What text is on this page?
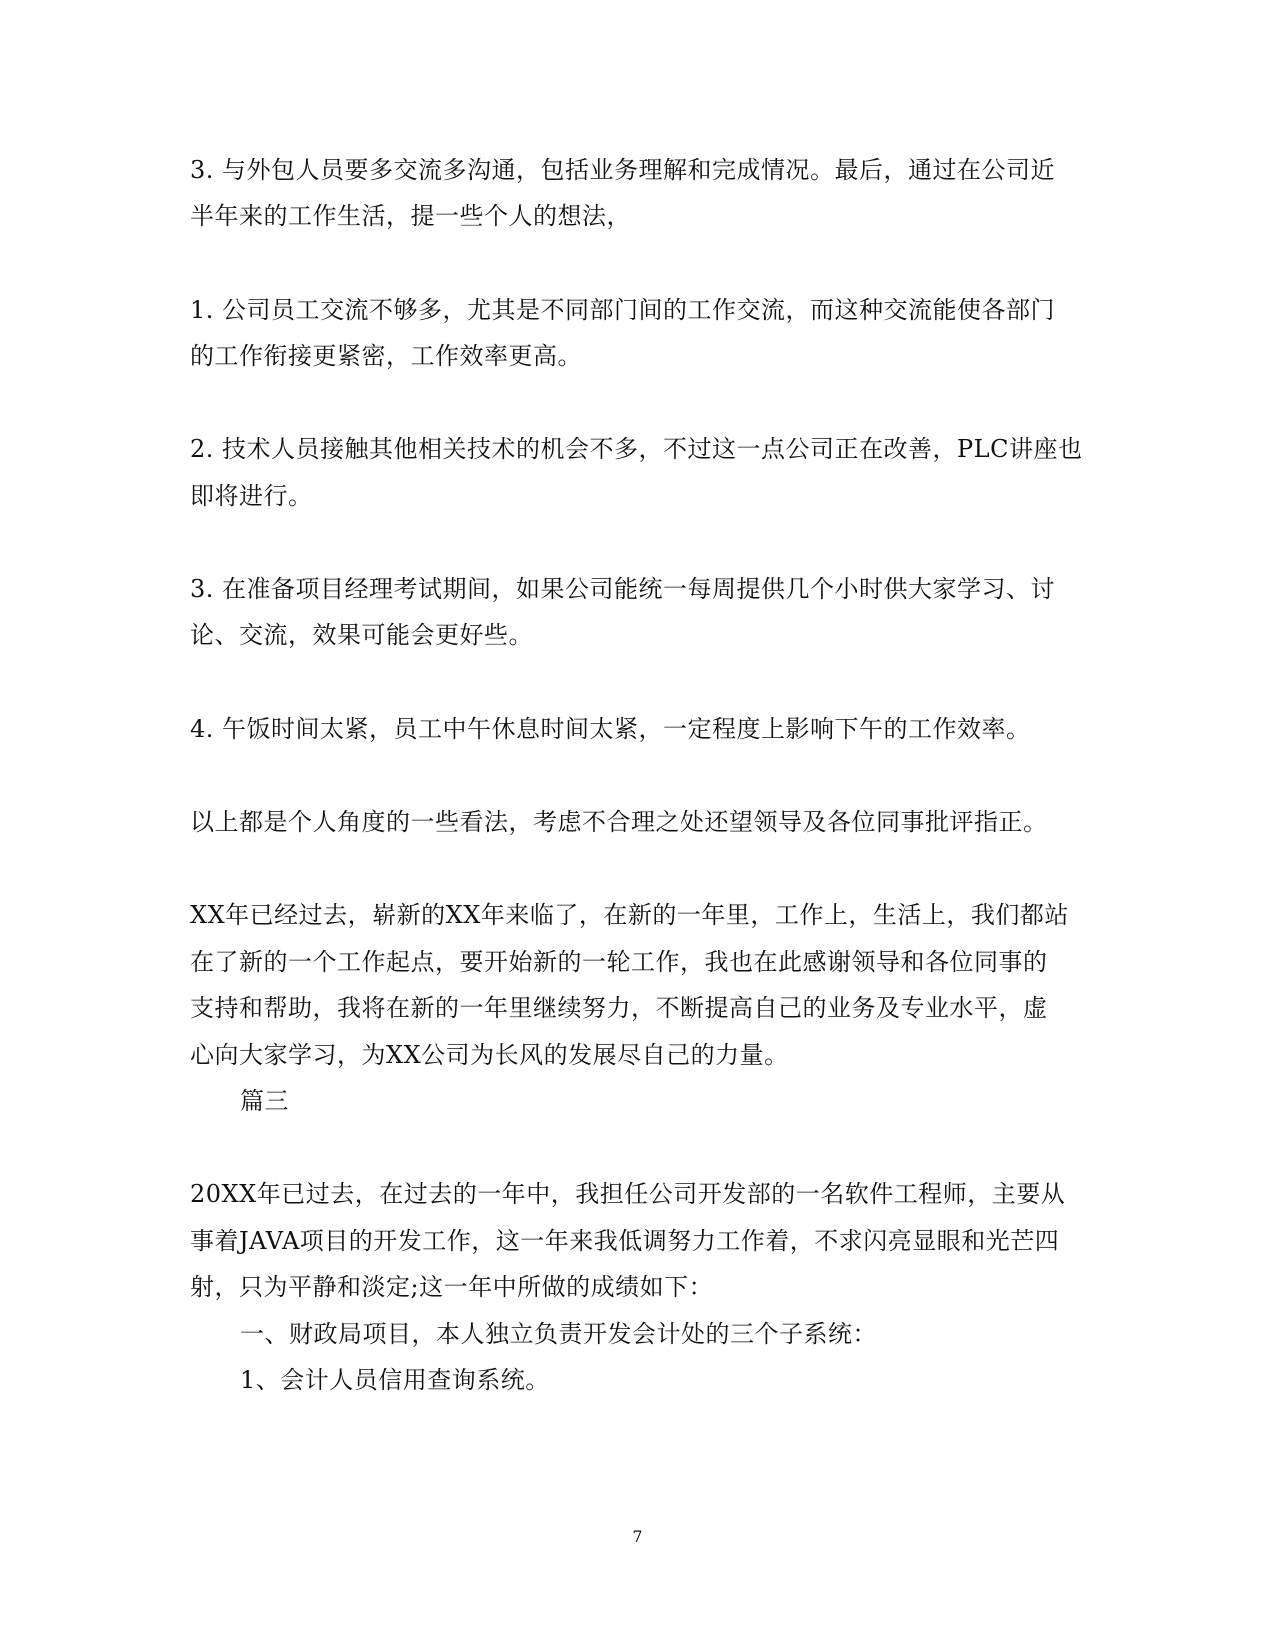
3. 与外包人员要多交流多沟通，包括业务理解和完成情况。最后，通过在公司近
半年来的工作生活，提一些个人的想法，
1. 公司员工交流不够多，尤其是不同部门间的工作交流，而这种交流能使各部门
的工作衔接更紧密，工作效率更高。
2. 技术人员接触其他相关技术的机会不多，不过这一点公司正在改善，PLC讲座也
即将进行。
3. 在准备项目经理考试期间，如果公司能统一每周提供几个小时供大家学习、讨
论、交流，效果可能会更好些。
4. 午饭时间太紧，员工中午休息时间太紧，一定程度上影响下午的工作效率。
以上都是个人角度的一些看法，考虑不合理之处还望领导及各位同事批评指正。
XX年已经过去，崭新的XX年来临了，在新的一年里，工作上，生活上，我们都站
在了新的一个工作起点，要开始新的一轮工作，我也在此感谢领导和各位同事的
支持和帮助，我将在新的一年里继续努力，不断提高自己的业务及专业水平，虚
心向大家学习，为XX公司为长风的发展尽自己的力量。
篇三
20XX年已过去，在过去的一年中，我担任公司开发部的一名软件工程师，主要从
事着JAVA项目的开发工作，这一年来我低调努力工作着，不求闪亮显眼和光芒四
射，只为平静和淡定;这一年中所做的成绩如下：
一、财政局项目，本人独立负责开发会计处的三个子系统：
1、会计人员信用查询系统。
7
